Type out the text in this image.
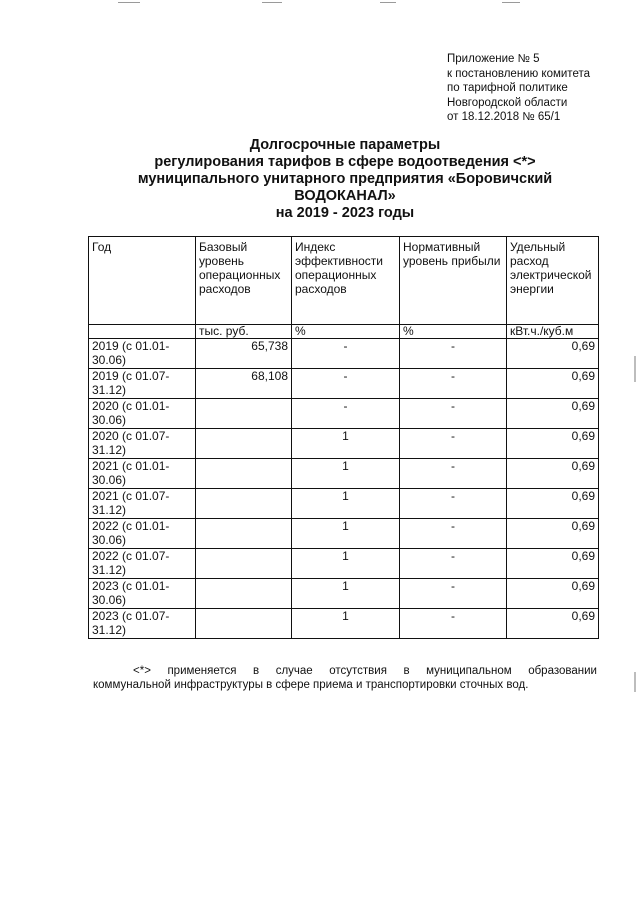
Приложение № 5
к постановлению комитета
по тарифной политике
Новгородской области
от 18.12.2018 № 65/1
Долгосрочные параметры
регулирования тарифов в сфере водоотведения <*>
муниципального унитарного предприятия «Боровичский
ВОДОКАНАЛ»
на 2019 - 2023 годы
Год	Базовый уровень операционных расходов	Индекс эффективности операционных расходов	Нормативный уровень прибыли	Удельный расход электрической энергии
	тыс. руб.	%	%	кВт.ч./куб.м
2019 (с 01.01-30.06)	65,738	-	-	0,69
2019 (с 01.07-31.12)	68,108	-	-	0,69
2020 (с 01.01-30.06)		-	-	0,69
2020 (с 01.07-31.12)		1	-	0,69
2021 (с 01.01-30.06)		1	-	0,69
2021 (с 01.07-31.12)		1	-	0,69
2022 (с 01.01-30.06)		1	-	0,69
2022 (с 01.07-31.12)		1	-	0,69
2023 (с 01.01-30.06)		1	-	0,69
2023 (с 01.07-31.12)		1	-	0,69
<*> применяется в случае отсутствия в муниципальном образовании
коммунальной инфраструктуры в сфере приема и транспортировки сточных вод.
